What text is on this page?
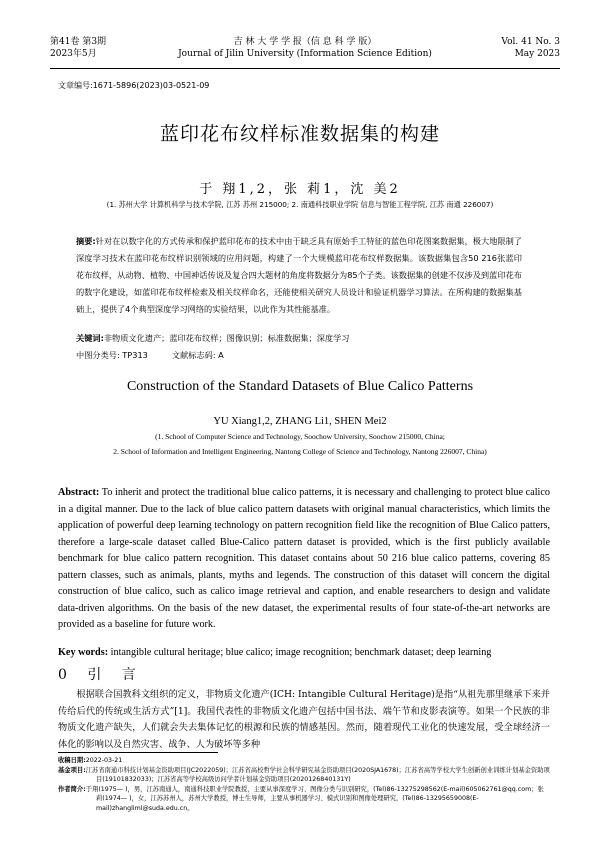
第41卷 第3期
2023年5月
吉 林 大 学 学 报（信 息 科 学 版）
Journal of Jilin University (Information Science Edition)
Vol. 41 No. 3
May 2023
文章编号:1671-5896(2023)03-0521-09
蓝印花布纹样标准数据集的构建
于 翔1,2，张 莉1，沈 美2
(1. 苏州大学 计算机科学与技术学院, 江苏 苏州 215000; 2. 南通科技职业学院 信息与智能工程学院, 江苏 南通 226007)
摘要:针对在以数字化的方式传承和保护蓝印花布的技术中由于缺乏具有原始手工特征的蓝色印花图案数据集，极大地限制了深度学习技术在蓝印花布纹样识别领域的应用问题，构建了一个大规模蓝印花布纹样数据集。该数据集包含50 216张蓝印花布纹样，从动物、植物、中国神话传说及复合四大题材的角度将数据分为85个子类。该数据集的创建不仅涉及到蓝印花布的数字化建设，如蓝印花布纹样检索及相关纹样命名，还能使相关研究人员设计和验证机器学习算法。在所构建的数据集基础上，提供了4个典型深度学习网络的实验结果，以此作为其性能基准。
关键词:非物质文化遗产；蓝印花布纹样；图像识别；标准数据集；深度学习
中图分类号: TP313	文献标志码: A
Construction of the Standard Datasets of Blue Calico Patterns
YU Xiang1,2, ZHANG Li1, SHEN Mei2
(1. School of Computer Science and Technology, Soochow University, Soochow 215000, China;
2. School of Information and Intelligent Engineering, Nantong College of Science and Technology, Nantong 226007, China)
Abstract: To inherit and protect the traditional blue calico patterns, it is necessary and challenging to protect blue calico in a digital manner. Due to the lack of blue calico pattern datasets with original manual characteristics, which limits the application of powerful deep learning technology on pattern recognition field like the recognition of Blue Calico patters, therefore a large-scale dataset called Blue-Calico pattern dataset is provided, which is the first publicly available benchmark for blue calico pattern recognition. This dataset contains about 50 216 blue calico patterns, covering 85 pattern classes, such as animals, plants, myths and legends. The construction of this dataset will concern the digital construction of blue calico, such as calico image retrieval and caption, and enable researchers to design and validate data-driven algorithms. On the basis of the new dataset, the experimental results of four state-of-the-art networks are provided as a baseline for future work.
Key words: intangible cultural heritage; blue calico; image recognition; benchmark dataset; deep learning
0 引 言
根据联合国教科文组织的定义，非物质文化遗产(ICH: Intangible Cultural Heritage)是指“从祖先那里继承下来并传给后代的传统或生活方式”[1]。我国代表性的非物质文化遗产包括中国书法、端午节和皮影表演等。如果一个民族的非物质文化遗产缺失，人们就会失去集体记忆的根源和民族的情感基因。然而，随着现代工业化的快速发展，受全球经济一体化的影响以及自然灾害、战争、人为破坏等多种
收稿日期:2022-03-21
基金项目:江苏省南通市科技计划基金资助项目(JC2022059)；江苏省高校哲学社会科学研究基金资助项目(2020SJA1678)；江苏省高等学校大学生创新创业训练计划基金资助项目(19101832033)；江苏省高等学校高级访问学者计划基金资助项目(2020126840131Y)
作者简介:于翔(1975— )，男，江苏南通人，南通科技职业学院教授，主要从事深度学习、图像分类与识别研究，(Tel)86-13275298562(E-mail)605062761@qq.com；张莉(1974— )，女，江苏苏州人，苏州大学教授，博士生导师，主要从事机器学习、模式识别和图像处理研究，(Tel)86-13295659008(E-mail)zhangliml@suda.edu.cn。
